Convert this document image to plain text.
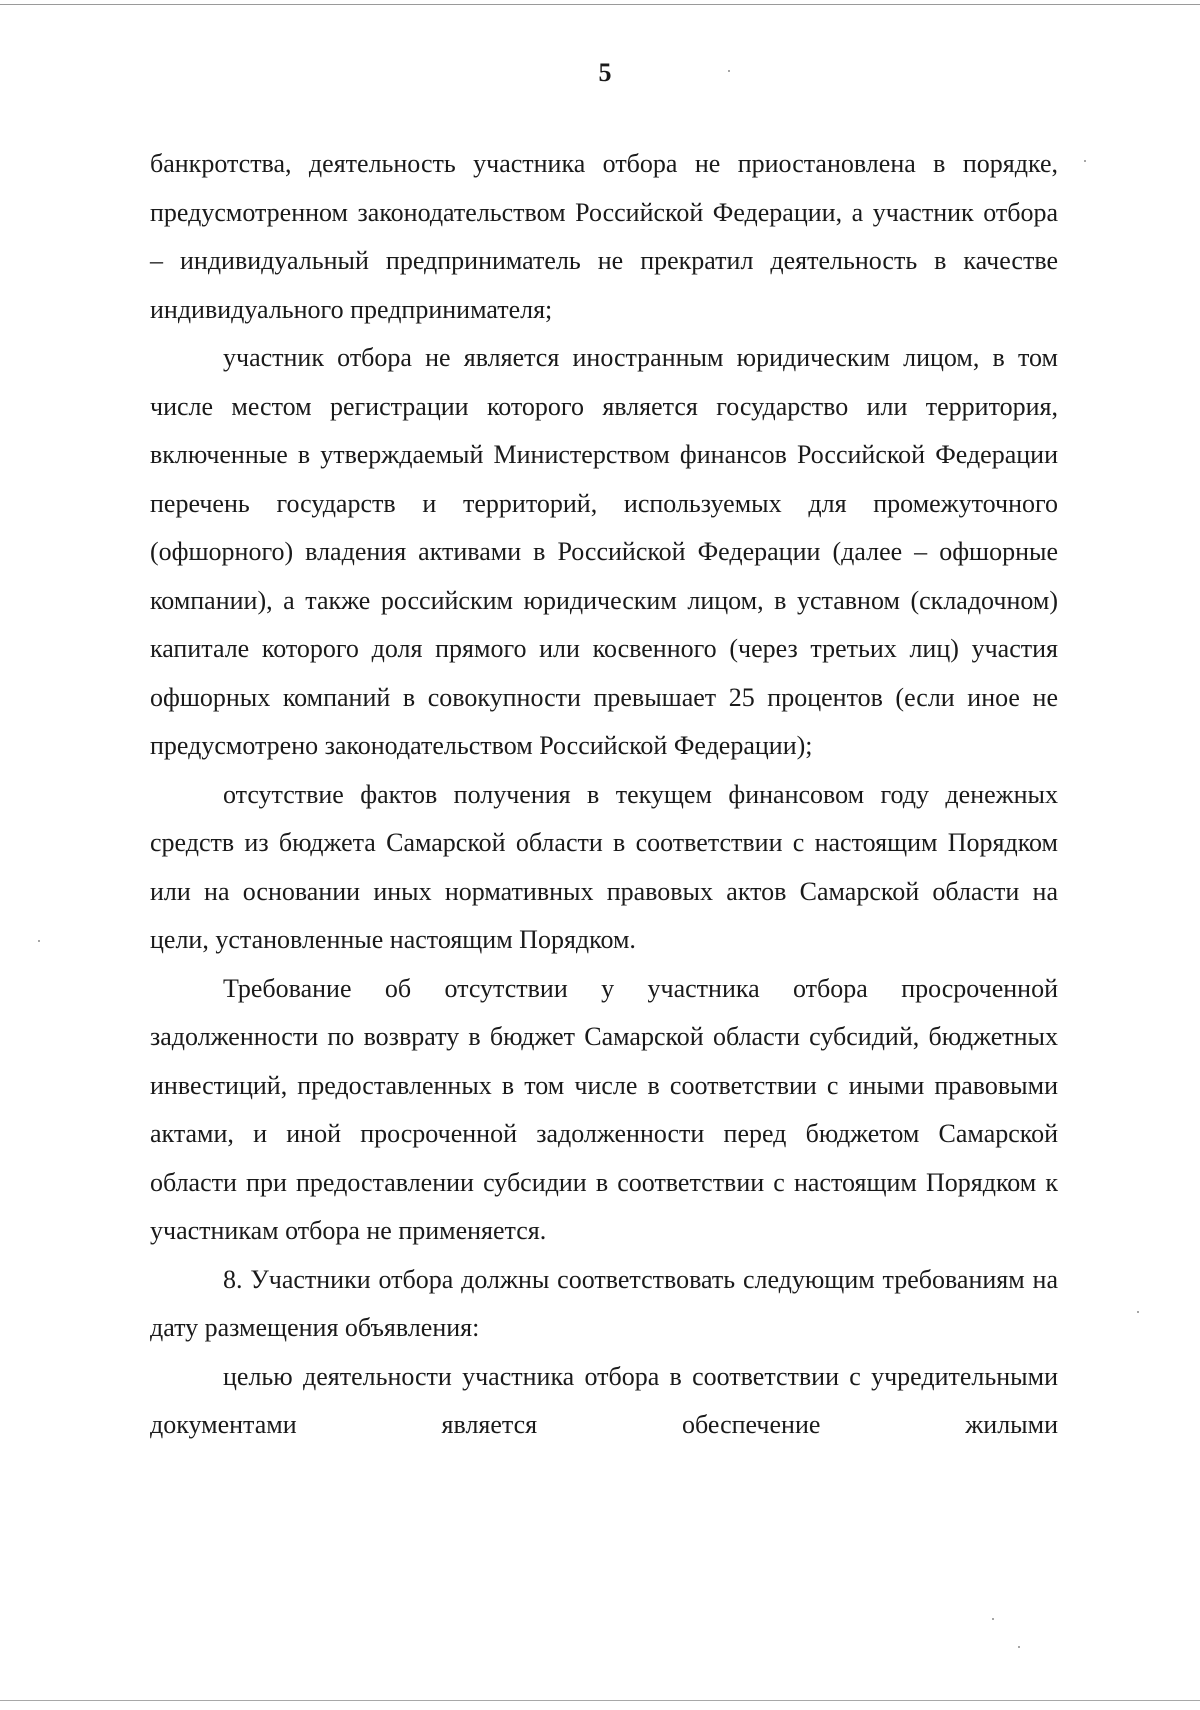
5

банкротства, деятельность участника отбора не приостановлена в порядке, предусмотренном законодательством Российской Федерации, а участник отбора – индивидуальный предприниматель не прекратил деятельность в качестве индивидуального предпринимателя;

участник отбора не является иностранным юридическим лицом, в том числе местом регистрации которого является государство или территория, включенные в утверждаемый Министерством финансов Российской Федерации перечень государств и территорий, используемых для промежуточного (офшорного) владения активами в Российской Федерации (далее – офшорные компании), а также российским юридическим лицом, в уставном (складочном) капитале которого доля прямого или косвенного (через третьих лиц) участия офшорных компаний в совокупности превышает 25 процентов (если иное не предусмотрено законодательством Российской Федерации);

отсутствие фактов получения в текущем финансовом году денежных средств из бюджета Самарской области в соответствии с настоящим Порядком или на основании иных нормативных правовых актов Самарской области на цели, установленные настоящим Порядком.

Требование об отсутствии у участника отбора просроченной задолженности по возврату в бюджет Самарской области субсидий, бюджетных инвестиций, предоставленных в том числе в соответствии с иными правовыми актами, и иной просроченной задолженности перед бюджетом Самарской области при предоставлении субсидии в соответствии с настоящим Порядком к участникам отбора не применяется.

8. Участники отбора должны соответствовать следующим требованиям на дату размещения объявления:

целью деятельности участника отбора в соответствии с учредительными документами является обеспечение жилыми
